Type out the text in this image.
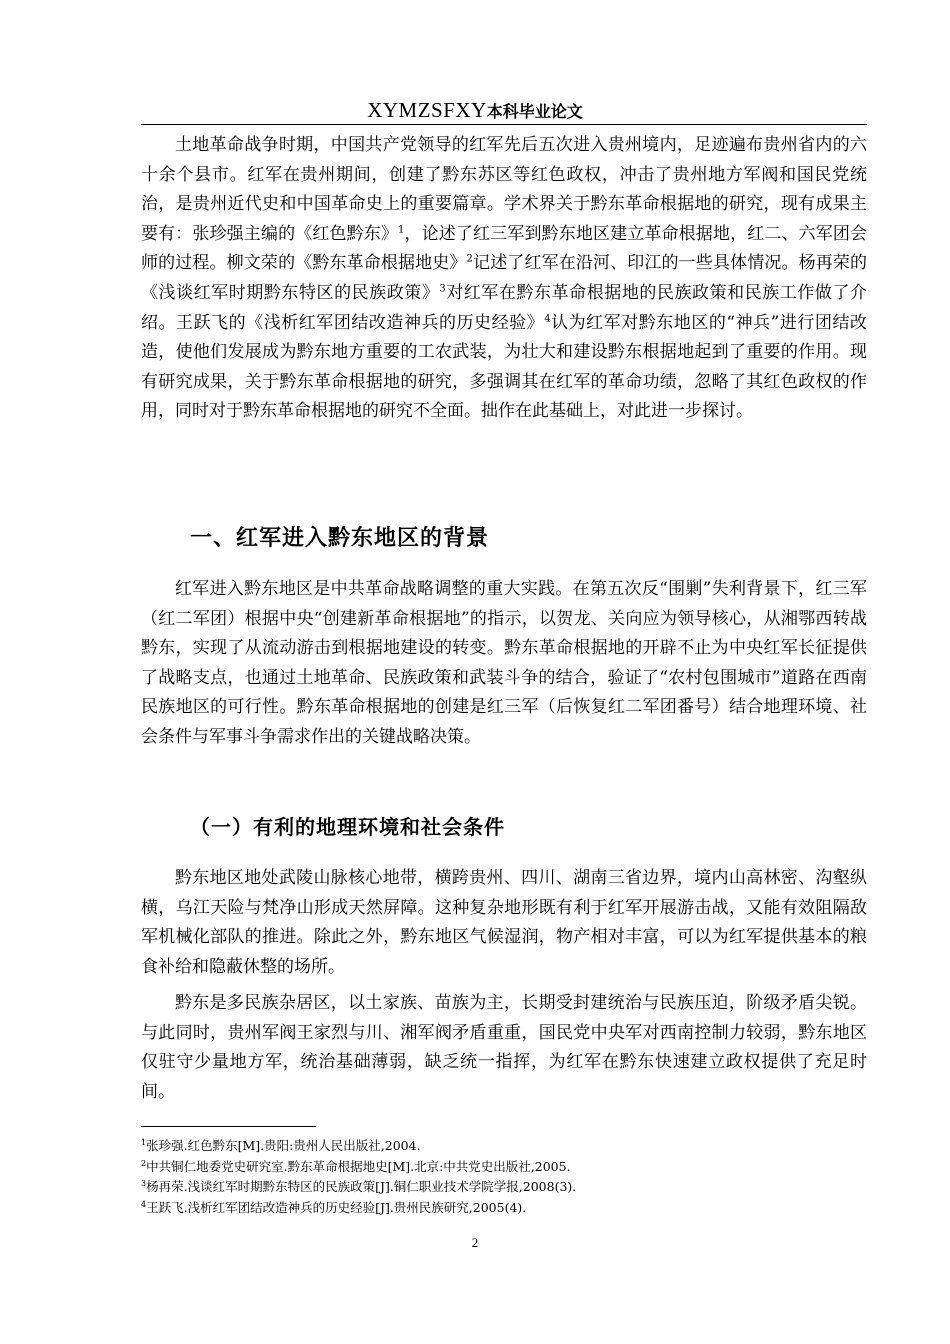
XYMZSFXY本科毕业论文

土地革命战争时期，中国共产党领导的红军先后五次进入贵州境内，足迹遍布贵州省内的六十余个县市。红军在贵州期间，创建了黔东苏区等红色政权，冲击了贵州地方军阀和国民党统治，是贵州近代史和中国革命史上的重要篇章。学术界关于黔东革命根据地的研究，现有成果主要有：张珍强主编的《红色黔东》$^1$，论述了红三军到黔东地区建立革命根据地，红二、六军团会师的过程。柳文荣的《黔东革命根据地史》$^2$记述了红军在沿河、印江的一些具体情况。杨再荣的《浅谈红军时期黔东特区的民族政策》$^3$对红军在黔东革命根据地的民族政策和民族工作做了介绍。王跃飞的《浅析红军团结改造神兵的历史经验》$^4$认为红军对黔东地区的“神兵”进行团结改造，使他们发展成为黔东地方重要的工农武装，为壮大和建设黔东根据地起到了重要的作用。现有研究成果，关于黔东革命根据地的研究，多强调其在红军的革命功绩，忽略了其红色政权的作用，同时对于黔东革命根据地的研究不全面。拙作在此基础上，对此进一步探讨。

一、红军进入黔东地区的背景

红军进入黔东地区是中共革命战略调整的重大实践。在第五次反“围剿”失利背景下，红三军（红二军团）根据中央“创建新革命根据地”的指示，以贺龙、关向应为领导核心，从湘鄂西转战黔东，实现了从流动游击到根据地建设的转变。黔东革命根据地的开辟不止为中央红军长征提供了战略支点，也通过土地革命、民族政策和武装斗争的结合，验证了“农村包围城市”道路在西南民族地区的可行性。黔东革命根据地的创建是红三军（后恢复红二军团番号）结合地理环境、社会条件与军事斗争需求作出的关键战略决策。

（一）有利的地理环境和社会条件

黔东地区地处武陵山脉核心地带，横跨贵州、四川、湖南三省边界，境内山高林密、沟壑纵横，乌江天险与梵净山形成天然屏障。这种复杂地形既有利于红军开展游击战，又能有效阻隔敌军机械化部队的推进。除此之外，黔东地区气候湿润，物产相对丰富，可以为红军提供基本的粮食补给和隐蔽休整的场所。

黔东是多民族杂居区，以土家族、苗族为主，长期受封建统治与民族压迫，阶级矛盾尖锐。与此同时，贵州军阀王家烈与川、湘军阀矛盾重重，国民党中央军对西南控制力较弱，黔东地区仅驻守少量地方军，统治基础薄弱，缺乏统一指挥，为红军在黔东快速建立政权提供了充足时间。

$^1$张珍强.红色黔东[M].贵阳:贵州人民出版社,2004.
$^2$中共铜仁地委党史研究室.黔东革命根据地史[M].北京:中共党史出版社,2005.
$^3$杨再荣.浅谈红军时期黔东特区的民族政策[J].铜仁职业技术学院学报,2008(3).
$^4$王跃飞.浅析红军团结改造神兵的历史经验[J].贵州民族研究,2005(4).
2
